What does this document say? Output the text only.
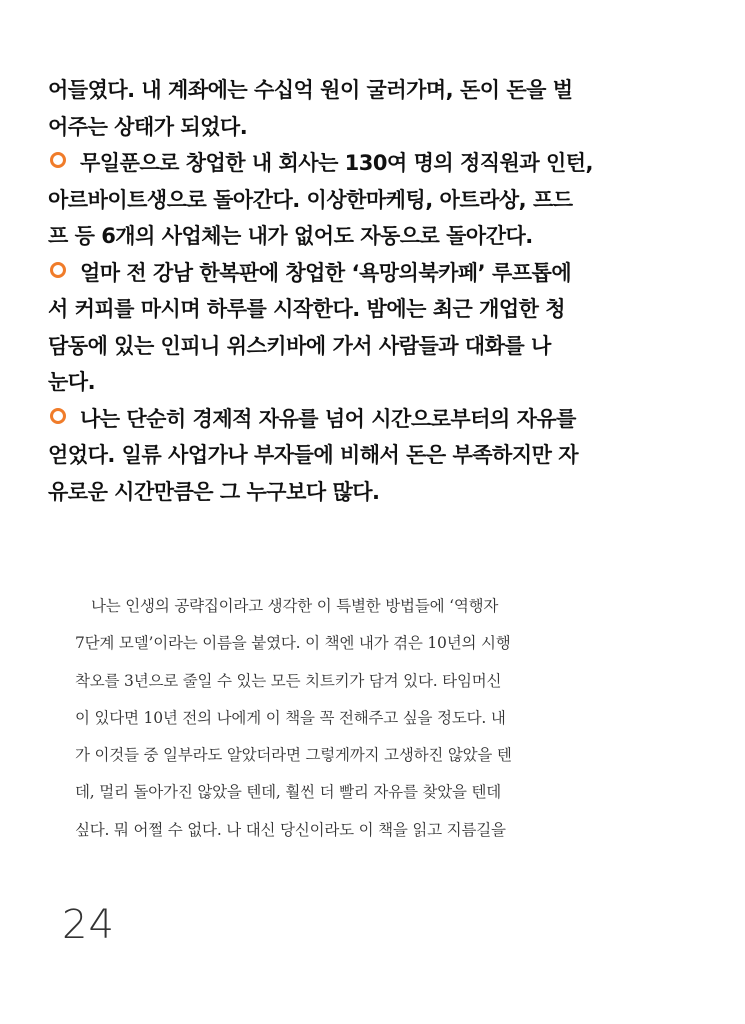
어들였다. 내 계좌에는 수십억 원이 굴러가며, 돈이 돈을 벌
어주는 상태가 되었다.
무일푼으로 창업한 내 회사는 130여 명의 정직원과 인턴,
아르바이트생으로 돌아간다. 이상한마케팅, 아트라상, 프드
프 등 6개의 사업체는 내가 없어도 자동으로 돌아간다.
얼마 전 강남 한복판에 창업한 ‘욕망의북카페’ 루프톱에
서 커피를 마시며 하루를 시작한다. 밤에는 최근 개업한 청
담동에 있는 인피니 위스키바에 가서 사람들과 대화를 나
눈다.
나는 단순히 경제적 자유를 넘어 시간으로부터의 자유를
얻었다. 일류 사업가나 부자들에 비해서 돈은 부족하지만 자
유로운 시간만큼은 그 누구보다 많다.
나는 인생의 공략집이라고 생각한 이 특별한 방법들에 ‘역행자
7단계 모델’이라는 이름을 붙였다. 이 책엔 내가 겪은 10년의 시행
착오를 3년으로 줄일 수 있는 모든 치트키가 담겨 있다. 타임머신
이 있다면 10년 전의 나에게 이 책을 꼭 전해주고 싶을 정도다. 내
가 이것들 중 일부라도 알았더라면 그렇게까지 고생하진 않았을 텐
데, 멀리 돌아가진 않았을 텐데, 훨씬 더 빨리 자유를 찾았을 텐데
싶다. 뭐 어쩔 수 없다. 나 대신 당신이라도 이 책을 읽고 지름길을
24
